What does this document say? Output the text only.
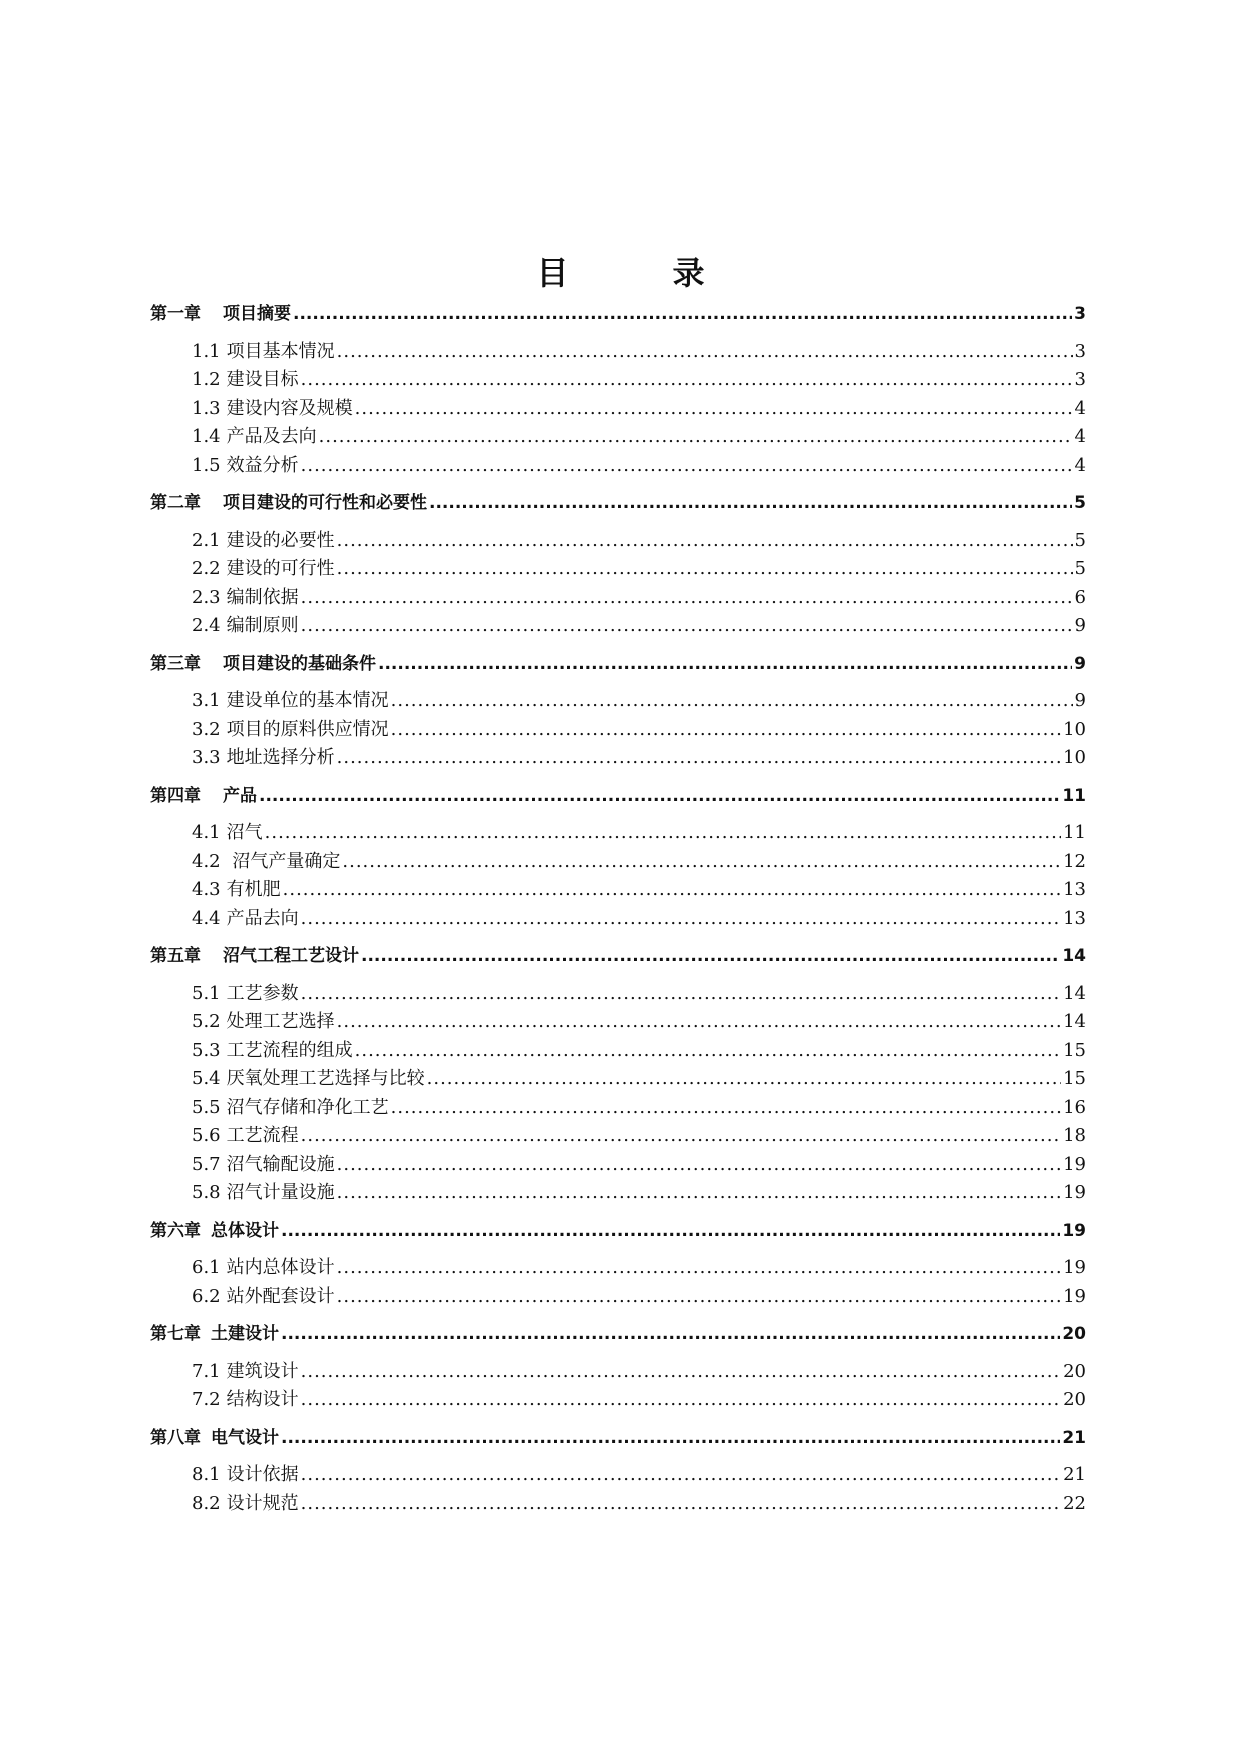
目　录
第一章 项目摘要 .....	3
1.1 项目基本情况 .....	3
1.2 建设目标 .....	3
1.3 建设内容及规模 .....	4
1.4 产品及去向 .....	4
1.5 效益分析 .....	4
第二章 项目建设的可行性和必要性 .....	5
2.1 建设的必要性 .....	5
2.2 建设的可行性 .....	5
2.3 编制依据 .....	6
2.4 编制原则 .....	9
第三章 项目建设的基础条件 .....	9
3.1 建设单位的基本情况 .....	9
3.2 项目的原料供应情况 .....	10
3.3 地址选择分析 .....	10
第四章 产品 .....	11
4.1 沼气 .....	11
4.2 沼气产量确定 .....	12
4.3 有机肥 .....	13
4.4 产品去向 .....	13
第五章 沼气工程工艺设计 .....	14
5.1 工艺参数 .....	14
5.2 处理工艺选择 .....	14
5.3 工艺流程的组成 .....	15
5.4 厌氧处理工艺选择与比较 .....	15
5.5 沼气存储和净化工艺 .....	16
5.6 工艺流程 .....	18
5.7 沼气输配设施 .....	19
5.8 沼气计量设施 .....	19
第六章 总体设计 .....	19
6.1 站内总体设计 .....	19
6.2 站外配套设计 .....	19
第七章 土建设计 .....	20
7.1 建筑设计 .....	20
7.2 结构设计 .....	20
第八章 电气设计 .....	21
8.1 设计依据 .....	21
8.2 设计规范 .....	22
